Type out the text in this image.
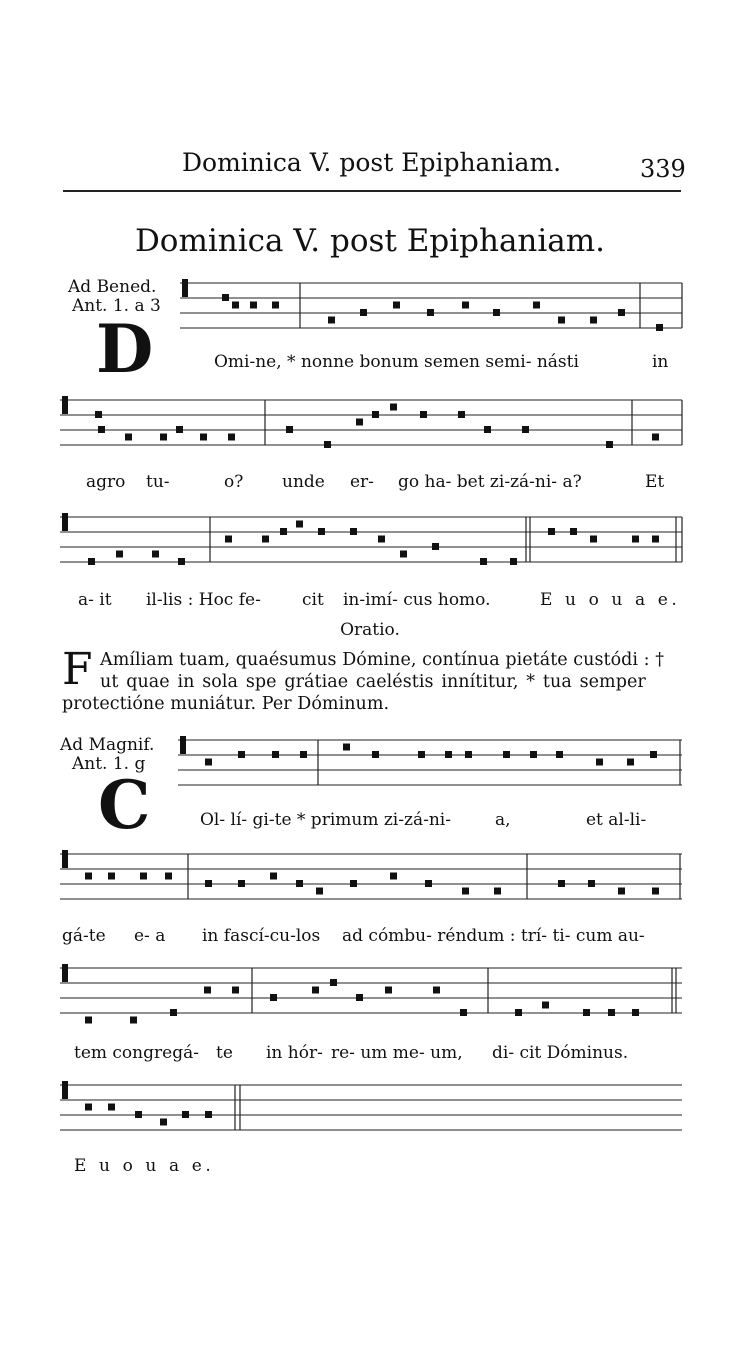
Dominica V. post Epiphaniam.	339
Dominica V. post Epiphaniam.
Ad Bened.
Ant. 1. a 3
D	Omi-ne, * nonne bonum semen semi- násti	in
agro tu-	o? unde er- go ha- bet zi-zá-ni- a?	Et
a- it il-lis : Hoc fe- cit in-imí- cus homo.	E u o u a e.
Oratio.
F Amíliam tuam, quaésumus Dómine, contínua pietáte custódi : †
ut quae in sola spe grátiae caeléstis innítitur, * tua semper
protectióne muniátur. Per Dóminum.
Ad Magnif.
Ant. 1. g
C	Ol- lí- gi-te * primum zi-zá-ni-	a,	et al-li-
gá-te e- a in fascí-cu-los ad cómbu- réndum : trí- ti- cum au-
tem congregá- te in hór- re- um me- um, di- cit Dóminus.
E u o u a e.
